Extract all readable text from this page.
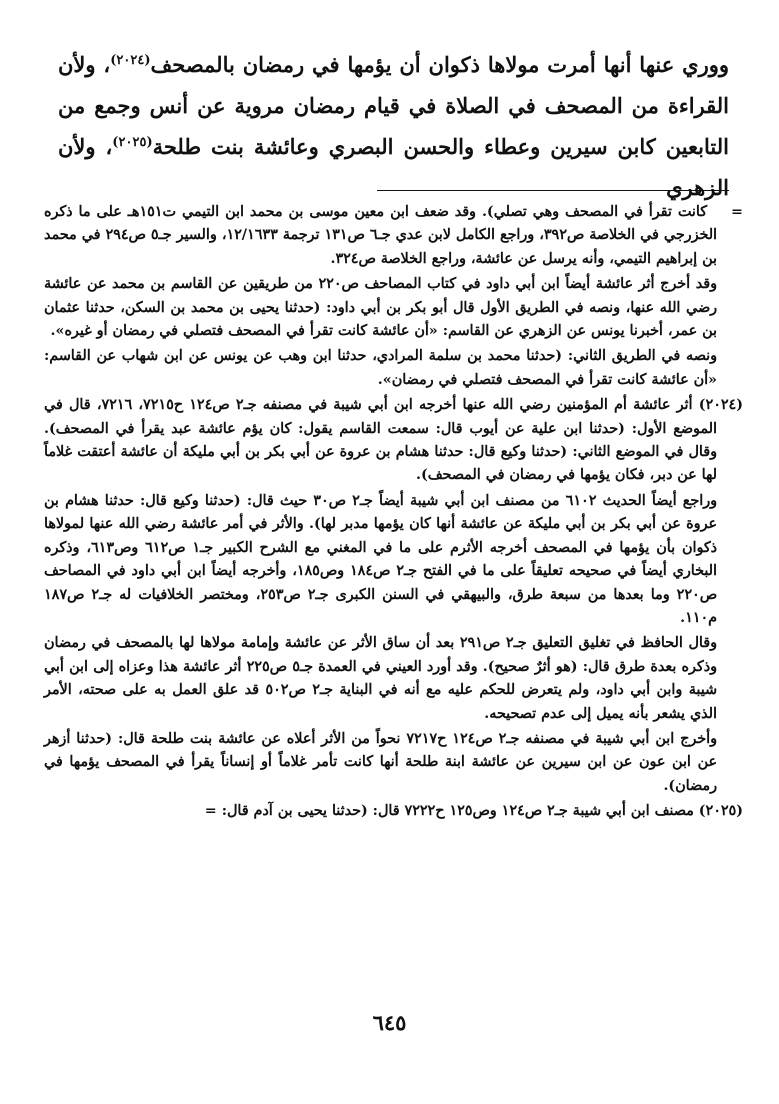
ووري عنها أنها أمرت مولاها ذكوان أن يؤمها في رمضان بالمصحف$^{(٢٠٢٤)}$، ولأن القراءة من المصحف في الصلاة في قيام رمضان مروية عن أنس وجمع من التابعين كابن سيرين وعطاء والحسن البصري وعائشة بنت طلحة$^{(٢٠٢٥)}$، ولأن الزهري

=    كانت تقرأ في المصحف وهي تصلي). وقد ضعف ابن معين موسى بن محمد ابن التيمي ت١٥١هـ على ما ذكره الخزرجي في الخلاصة ص٣٩٢، وراجع الكامل لابن عدي جـ٦ ص١٣١ ترجمة ١٢/١٦٣٣، والسير جـ٥ ص٢٩٤ في محمد بن إبراهيم التيمي، وأنه يرسل عن عائشة، وراجع الخلاصة ص٣٢٤.

وقد أخرج أثر عائشة أيضاً ابن أبي داود في كتاب المصاحف ص٢٢٠ من طريقين عن القاسم بن محمد عن عائشة رضي الله عنها، ونصه في الطريق الأول قال أبو بكر بن أبي داود: (حدثنا يحيى بن محمد بن السكن، حدثنا عثمان بن عمر، أخبرنا يونس عن الزهري عن القاسم: «أن عائشة كانت تقرأ في المصحف فتصلي في رمضان أو غيره».

ونصه في الطريق الثاني: (حدثنا محمد بن سلمة المرادي، حدثنا ابن وهب عن يونس عن ابن شهاب عن القاسم: «أن عائشة كانت تقرأ في المصحف فتصلي في رمضان».

(٢٠٢٤) أثر عائشة أم المؤمنين رضي الله عنها أخرجه ابن أبي شيبة في مصنفه جـ٢ ص١٢٤ ح٧٢١٥، ٧٢١٦، قال في الموضع الأول: (حدثنا ابن علية عن أيوب قال: سمعت القاسم يقول: كان يؤم عائشة عبد يقرأ في المصحف). وقال في الموضع الثاني: (حدثنا وكيع قال: حدثنا هشام بن عروة عن أبي بكر بن أبي مليكة أن عائشة أعتقت غلاماً لها عن دبر، فكان يؤمها في رمضان في المصحف).

وراجع أيضاً الحديث ٦١٠٢ من مصنف ابن أبي شيبة أيضاً جـ٢ ص٣٠ حيث قال: (حدثنا وكيع قال: حدثنا هشام بن عروة عن أبي بكر بن أبي مليكة عن عائشة أنها كان يؤمها مدبر لها). والأثر في أمر عائشة رضي الله عنها لمولاها ذكوان بأن يؤمها في المصحف أخرجه الأثرم على ما في المغني مع الشرح الكبير جـ١ ص٦١٢ وص٦١٣، وذكره البخاري أيضاً في صحيحه تعليقاً على ما في الفتح جـ٢ ص١٨٤ وص١٨٥، وأخرجه أيضاً ابن أبي داود في المصاحف ص٢٢٠ وما بعدها من سبعة طرق، والبيهقي في السنن الكبرى جـ٢ ص٢٥٣، ومختصر الخلافيات له جـ٢ ص١٨٧ م١١٠.

وقال الحافظ في تغليق التعليق جـ٢ ص٢٩١ بعد أن ساق الأثر عن عائشة وإمامة مولاها لها بالمصحف في رمضان وذكره بعدة طرق قال: (هو أثرٌ صحيح). وقد أورد العيني في العمدة جـ٥ ص٢٢٥ أثر عائشة هذا وعزاه إلى ابن أبي شيبة وابن أبي داود، ولم يتعرض للحكم عليه مع أنه في البناية جـ٢ ص٥٠٢ قد علق العمل به على صحته، الأمر الذي يشعر بأنه يميل إلى عدم تصحيحه.

وأخرج ابن أبي شيبة في مصنفه جـ٢ ص١٢٤ ح٧٢١٧ نحواً من الأثر أعلاه عن عائشة بنت طلحة قال: (حدثنا أزهر عن ابن عون عن ابن سيرين عن عائشة ابنة طلحة أنها كانت تأمر غلاماً أو إنساناً يقرأ في المصحف يؤمها في رمضان).

(٢٠٢٥) مصنف ابن أبي شيبة جـ٢ ص١٢٤ وص١٢٥ ح٧٢٢٢ قال: (حدثنا يحيى بن آدم قال: =

٦٤٥
